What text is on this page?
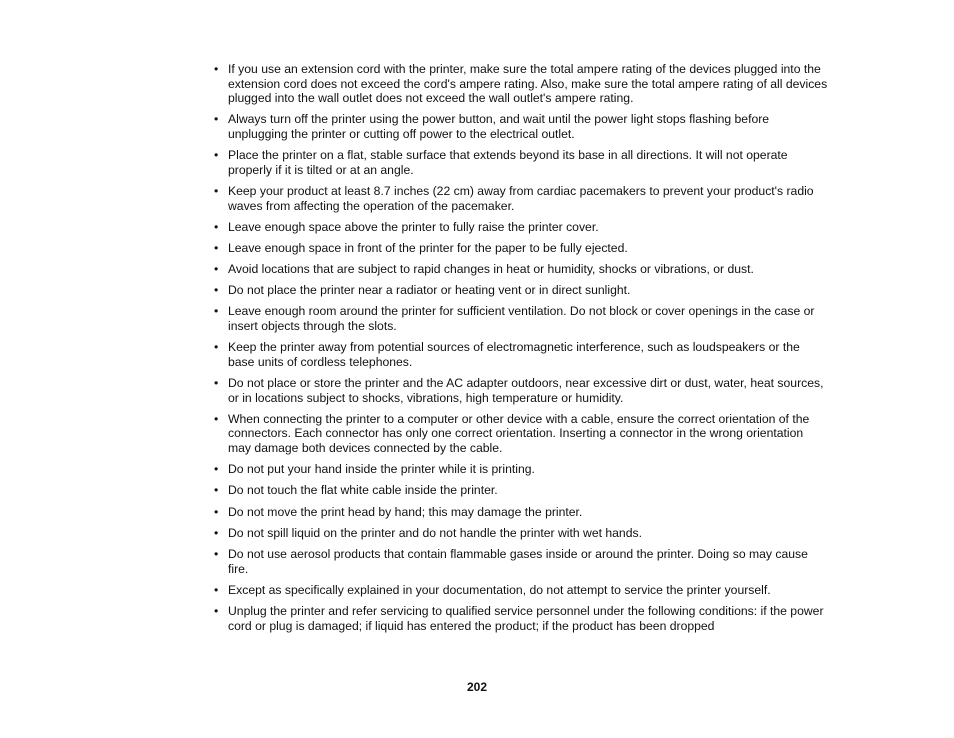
• If you use an extension cord with the printer, make sure the total ampere rating of the devices plugged into the extension cord does not exceed the cord's ampere rating. Also, make sure the total ampere rating of all devices plugged into the wall outlet does not exceed the wall outlet's ampere rating.
• Always turn off the printer using the power button, and wait until the power light stops flashing before unplugging the printer or cutting off power to the electrical outlet.
• Place the printer on a flat, stable surface that extends beyond its base in all directions. It will not operate properly if it is tilted or at an angle.
• Keep your product at least 8.7 inches (22 cm) away from cardiac pacemakers to prevent your product's radio waves from affecting the operation of the pacemaker.
• Leave enough space above the printer to fully raise the printer cover.
• Leave enough space in front of the printer for the paper to be fully ejected.
• Avoid locations that are subject to rapid changes in heat or humidity, shocks or vibrations, or dust.
• Do not place the printer near a radiator or heating vent or in direct sunlight.
• Leave enough room around the printer for sufficient ventilation. Do not block or cover openings in the case or insert objects through the slots.
• Keep the printer away from potential sources of electromagnetic interference, such as loudspeakers or the base units of cordless telephones.
• Do not place or store the printer and the AC adapter outdoors, near excessive dirt or dust, water, heat sources, or in locations subject to shocks, vibrations, high temperature or humidity.
• When connecting the printer to a computer or other device with a cable, ensure the correct orientation of the connectors. Each connector has only one correct orientation. Inserting a connector in the wrong orientation may damage both devices connected by the cable.
• Do not put your hand inside the printer while it is printing.
• Do not touch the flat white cable inside the printer.
• Do not move the print head by hand; this may damage the printer.
• Do not spill liquid on the printer and do not handle the printer with wet hands.
• Do not use aerosol products that contain flammable gases inside or around the printer. Doing so may cause fire.
• Except as specifically explained in your documentation, do not attempt to service the printer yourself.
• Unplug the printer and refer servicing to qualified service personnel under the following conditions: if the power cord or plug is damaged; if liquid has entered the product; if the product has been dropped
202
